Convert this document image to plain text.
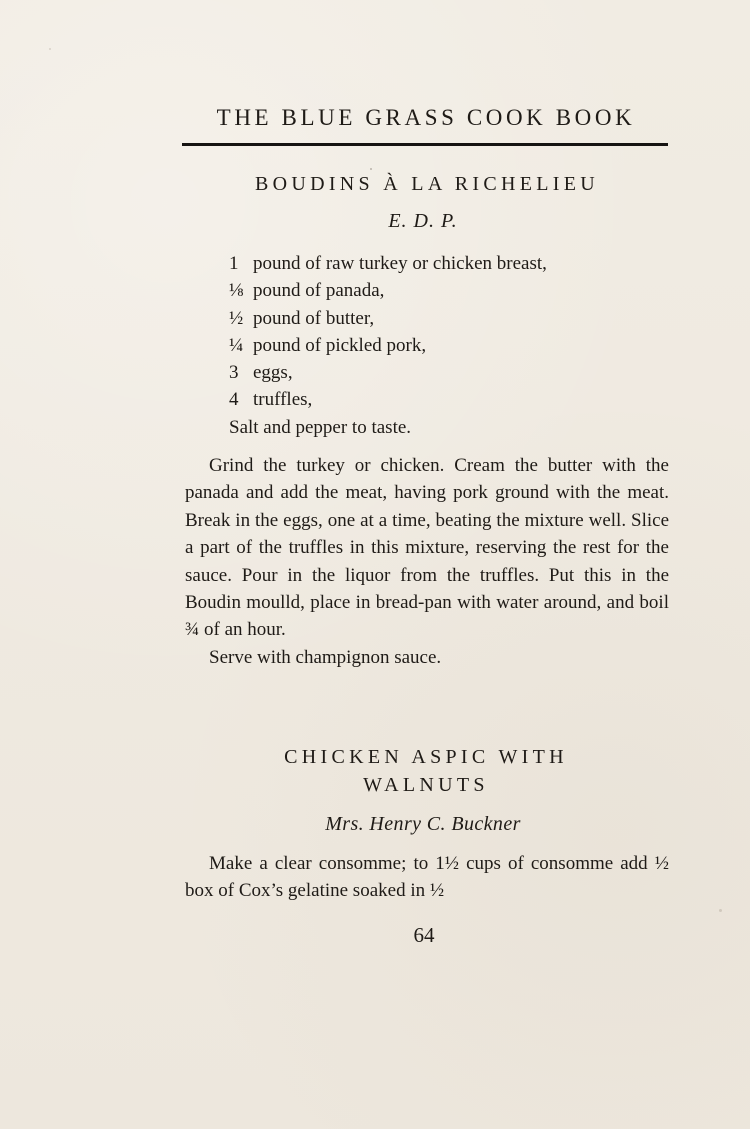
THE BLUE GRASS COOK BOOK
BOUDINS À LA RICHELIEU
E. D. P.
1 pound of raw turkey or chicken breast,
⅛ pound of panada,
½ pound of butter,
¼ pound of pickled pork,
3 eggs,
4 truffles,
Salt and pepper to taste.

Grind the turkey or chicken. Cream the butter with the panada and add the meat, having pork ground with the meat. Break in the eggs, one at a time, beating the mixture well. Slice a part of the truffles in this mixture, reserving the rest for the sauce. Pour in the liquor from the truffles. Put this in the Boudin moulld, place in bread-pan with water around, and boil ¾ of an hour.

Serve with champignon sauce.

CHICKEN ASPIC WITH
WALNUTS
Mrs. Henry C. Buckner

Make a clear consomme; to 1½ cups of consomme add ½ box of Cox’s gelatine soaked in ½

64
